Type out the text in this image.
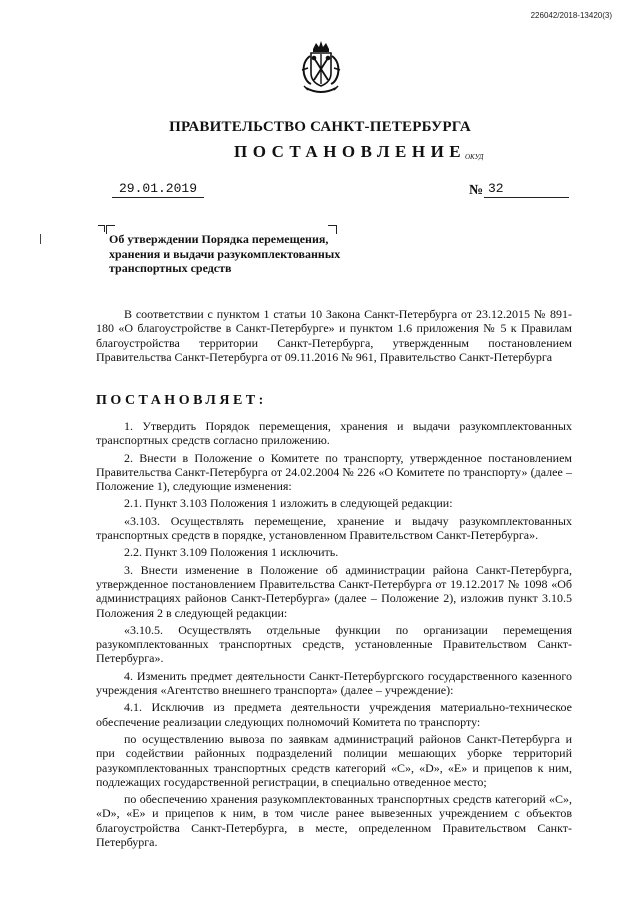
226042/2018-13420(3)
ПРАВИТЕЛЬСТВО САНКТ-ПЕТЕРБУРГА
ПОСТАНОВЛЕНИЕ
ОКУД
29.01.2019	№ 32
Об утверждении Порядка перемещения,
хранения и выдачи разукомплектованных
транспортных средств

В соответствии с пунктом 1 статьи 10 Закона Санкт-Петербурга от 23.12.2015 № 891-180 «О благоустройстве в Санкт-Петербурге» и пунктом 1.6 приложения № 5 к Правилам благоустройства территории Санкт-Петербурга, утвержденным постановлением Правительства Санкт-Петербурга от 09.11.2016 № 961, Правительство Санкт-Петербурга

ПОСТАНОВЛЯЕТ:

1. Утвердить Порядок перемещения, хранения и выдачи разукомплектованных транспортных средств согласно приложению.

2. Внести в Положение о Комитете по транспорту, утвержденное постановлением Правительства Санкт-Петербурга от 24.02.2004 № 226 «О Комитете по транспорту» (далее – Положение 1), следующие изменения:

2.1. Пункт 3.103 Положения 1 изложить в следующей редакции:

«3.103. Осуществлять перемещение, хранение и выдачу разукомплектованных транспортных средств в порядке, установленном Правительством Санкт-Петербурга».

2.2. Пункт 3.109 Положения 1 исключить.

3. Внести изменение в Положение об администрации района Санкт-Петербурга, утвержденное постановлением Правительства Санкт-Петербурга от 19.12.2017 № 1098 «Об администрациях районов Санкт-Петербурга» (далее – Положение 2), изложив пункт 3.10.5 Положения 2 в следующей редакции:

«3.10.5. Осуществлять отдельные функции по организации перемещения разукомплектованных транспортных средств, установленные Правительством Санкт-Петербурга».

4. Изменить предмет деятельности Санкт-Петербургского государственного казенного учреждения «Агентство внешнего транспорта» (далее – учреждение):

4.1. Исключив из предмета деятельности учреждения материально-техническое обеспечение реализации следующих полномочий Комитета по транспорту:

по осуществлению вывоза по заявкам администраций районов Санкт-Петербурга и при содействии районных подразделений полиции мешающих уборке территорий разукомплектованных транспортных средств категорий «C», «D», «E» и прицепов к ним, подлежащих государственной регистрации, в специально отведенное место;

по обеспечению хранения разукомплектованных транспортных средств категорий «C», «D», «E» и прицепов к ним, в том числе ранее вывезенных учреждением с объектов благоустройства Санкт-Петербурга, в месте, определенном Правительством Санкт-Петербурга.
